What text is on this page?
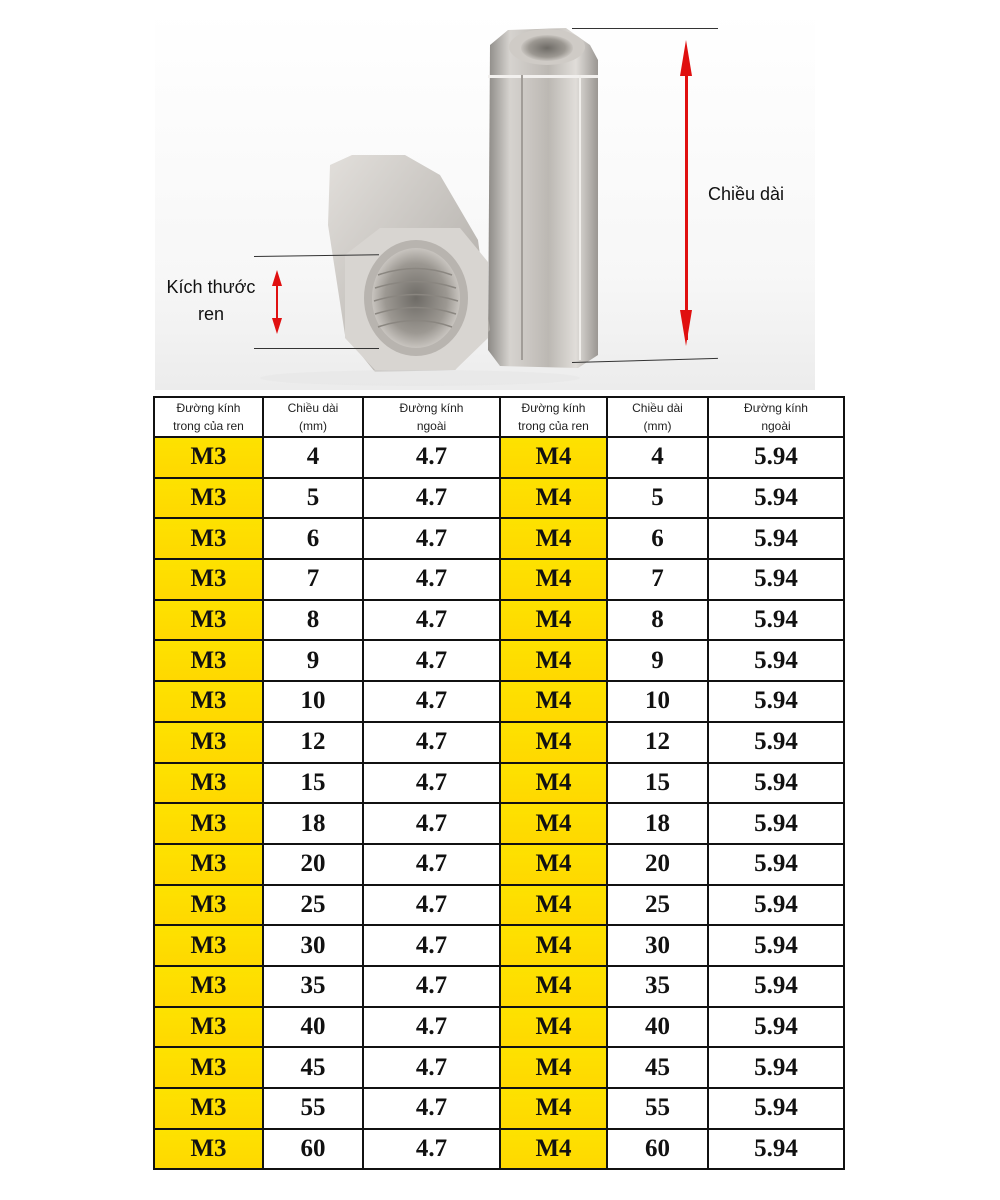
Chiều dài
Kích thước ren
Đường kính trong của ren	Chiều dài (mm)	Đường kính ngoài	Đường kính trong của ren	Chiều dài (mm)	Đường kính ngoài
M3	4	4.7	M4	4	5.94
M3	5	4.7	M4	5	5.94
M3	6	4.7	M4	6	5.94
M3	7	4.7	M4	7	5.94
M3	8	4.7	M4	8	5.94
M3	9	4.7	M4	9	5.94
M3	10	4.7	M4	10	5.94
M3	12	4.7	M4	12	5.94
M3	15	4.7	M4	15	5.94
M3	18	4.7	M4	18	5.94
M3	20	4.7	M4	20	5.94
M3	25	4.7	M4	25	5.94
M3	30	4.7	M4	30	5.94
M3	35	4.7	M4	35	5.94
M3	40	4.7	M4	40	5.94
M3	45	4.7	M4	45	5.94
M3	55	4.7	M4	55	5.94
M3	60	4.7	M4	60	5.94
